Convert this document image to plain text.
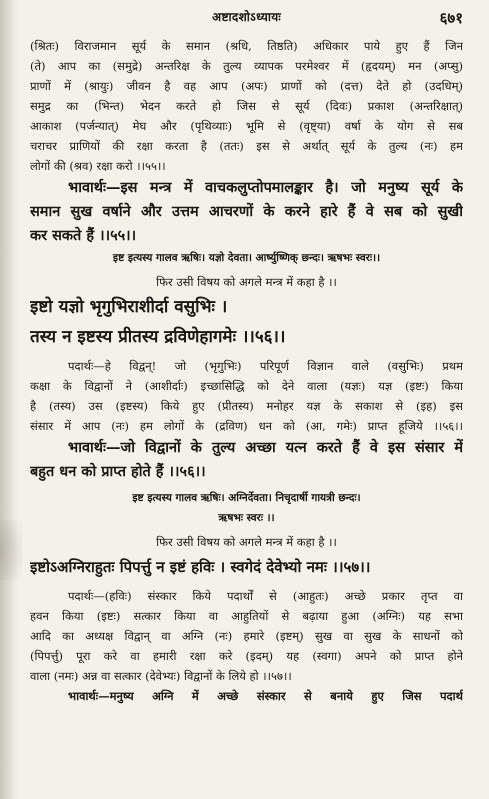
अष्टादशोऽध्यायः	६७१
(श्रितः) विराजमान सूर्य के समान (श्रधि, तिष्ठति) अधिकार पाये हुए हैं जिन
(ते) आप का (समुद्रे) अन्तरिक्ष के तुल्य व्यापक परमेश्वर में (हृदयम्) मन (अप्सु)
प्राणों में (श्रायुः) जीवन है वह आप (अपः) प्राणों को (दत्त) देते हो (उदधिम्)
समुद्र का (भिन्त) भेदन करते हो जिस से सूर्य (दिवः) प्रकाश (अन्तरिक्षात्)
आकाश (पर्जन्यात्) मेघ और (पृथिव्याः) भूमि से (वृष्ट्या) वर्षा के योग से सब
चराचर प्राणियों की रक्षा करता है (ततः) इस से अर्थात् सूर्य के तुल्य (नः) हम
लोगों की (श्रव) रक्षा करो ।।५५।।
भावार्थः—इस मन्त्र में वाचकलुप्तोपमालङ्कार है। जो मनुष्य सूर्य के
समान सुख वर्षाने और उत्तम आचरणों के करने हारे हैं वे सब को सुखी
कर सकते हैं ।।५५।।
इष्ट इत्यस्य गालव ऋषिः। यज्ञो देवता। आर्ष्युष्णिक् छन्दः। ऋषभः स्वरः।।
फिर उसी विषय को अगले मन्त्र में कहा है ।।
इष्टो यज्ञो भृगुभिराशीर्दा वसुभिः ।
तस्य न इष्टस्य प्रीतस्य द्रविणेहागमेः ।।५६।।
पदार्थः—हे विद्वन्! जो (भृगुभिः) परिपूर्ण विज्ञान वाले (वसुभिः) प्रथम
कक्षा के विद्वानों ने (आशीर्दाः) इच्छासिद्धि को देने वाला (यज्ञः) यज्ञ (इष्टः) किया
है (तस्य) उस (इष्टस्य) किये हुए (प्रीतस्य) मनोहर यज्ञ के सकाश से (इह) इस
संसार में आप (नः) हम लोगों के (द्रविण) धन को (आ, गमेः) प्राप्त हूजिये ।।५६।।
भावार्थः—जो विद्वानों के तुल्य अच्छा यत्न करते हैं वे इस संसार में
बहुत धन को प्राप्त होते हैं ।।५६।।
इष्ट इत्यस्य गालव ऋषिः। अग्निर्देवता। निचृदार्षी गायत्री छन्दः।
ऋषभः स्वरः ।।
फिर उसी विषय को अगले मन्त्र में कहा है ।।
इष्टोऽअग्निराहुतः पिपर्त्तु न इष्टं हविः । स्वगेदं देवेभ्यो नमः ।।५७।।
पदार्थः—(हविः) संस्कार किये पदार्थों से (आहुतः) अच्छे प्रकार तृप्त वा
हवन किया (इष्टः) सत्कार किया वा आहुतियों से बढ़ाया हुआ (अग्निः) यह सभा
आदि का अध्यक्ष विद्वान् वा अग्नि (नः) हमारे (इष्टम्) सुख वा सुख के साधनों को
(पिपर्त्तु) पूरा करे वा हमारी रक्षा करे (इदम्) यह (स्वगा) अपने को प्राप्त होने
वाला (नमः) अन्न वा सत्कार (देवेभ्यः) विद्वानों के लिये हो ।।५७।।
भावार्थः—मनुष्य अग्नि में अच्छे संस्कार से बनाये हुए जिस पदार्थ
